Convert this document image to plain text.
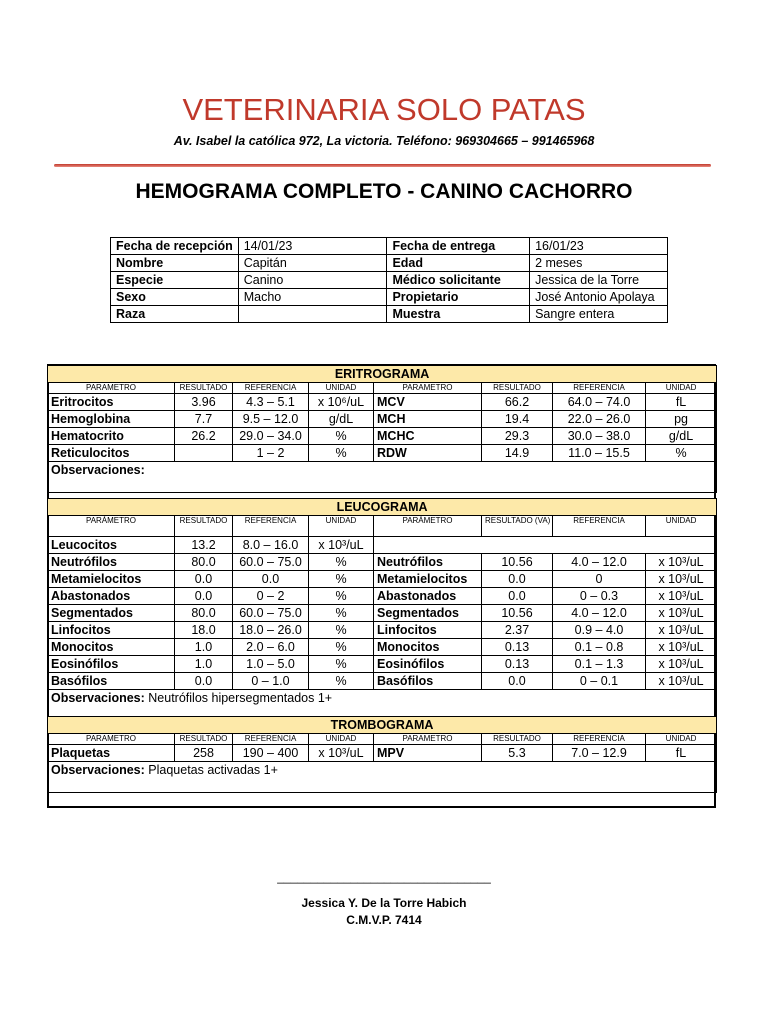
VETERINARIA SOLO PATAS
Av. Isabel la católica 972, La victoria. Teléfono: 969304665 – 991465968
HEMOGRAMA COMPLETO - CANINO CACHORRO
Fecha de recepción	14/01/23	Fecha de entrega	16/01/23
Nombre	Capitán	Edad	2 meses
Especie	Canino	Médico solicitante	Jessica de la Torre
Sexo	Macho	Propietario	José Antonio Apolaya
Raza		Muestra	Sangre entera
ERITROGRAMA							
PARAMETRO	RESULTADO	REFERENCIA	UNIDAD	PARAMETRO	RESULTADO	REFERENCIA	UNIDAD
Eritrocitos	3.96	4.3 – 5.1	x 10⁶/uL	MCV	66.2	64.0 – 74.0	fL
Hemoglobina	7.7	9.5 – 12.0	g/dL	MCH	19.4	22.0 – 26.0	pg
Hematocrito	26.2	29.0 – 34.0	%	MCHC	29.3	30.0 – 38.0	g/dL
Reticulocitos		1 – 2	%	RDW	14.9	11.0 – 15.5	%
Observaciones:							
LEUCOGRAMA							
PARÁMETRO	RESULTADO	REFERENCIA	UNIDAD	PARÁMETRO	RESULTADO (VA)	REFERENCIA	UNIDAD
Leucocitos	13.2	8.0 – 16.0	x 10³/uL				
Neutrófilos	80.0	60.0 – 75.0	%	Neutrófilos	10.56	4.0 – 12.0	x 10³/uL
Metamielocitos	0.0	0.0	%	Metamielocitos	0.0	0	x 10³/uL
Abastonados	0.0	0 – 2	%	Abastonados	0.0	0 – 0.3	x 10³/uL
Segmentados	80.0	60.0 – 75.0	%	Segmentados	10.56	4.0 – 12.0	x 10³/uL
Linfocitos	18.0	18.0 – 26.0	%	Linfocitos	2.37	0.9 – 4.0	x 10³/uL
Monocitos	1.0	2.0 – 6.0	%	Monocitos	0.13	0.1 – 0.8	x 10³/uL
Eosinófilos	1.0	1.0 – 5.0	%	Eosinófilos	0.13	0.1 – 1.3	x 10³/uL
Basófilos	0.0	0 – 1.0	%	Basófilos	0.0	0 – 0.1	x 10³/uL
Observaciones: Neutrófilos hipersegmentados 1+							
TROMBOGRAMA							
PARAMETRO	RESULTADO	REFERENCIA	UNIDAD	PARAMETRO	RESULTADO	REFERENCIA	UNIDAD
Plaquetas	258	190 – 400	x 10³/uL	MPV	5.3	7.0 – 12.9	fL
Observaciones: Plaquetas activadas 1+							
________________________________
Jessica Y. De la Torre Habich
C.M.V.P. 7414
